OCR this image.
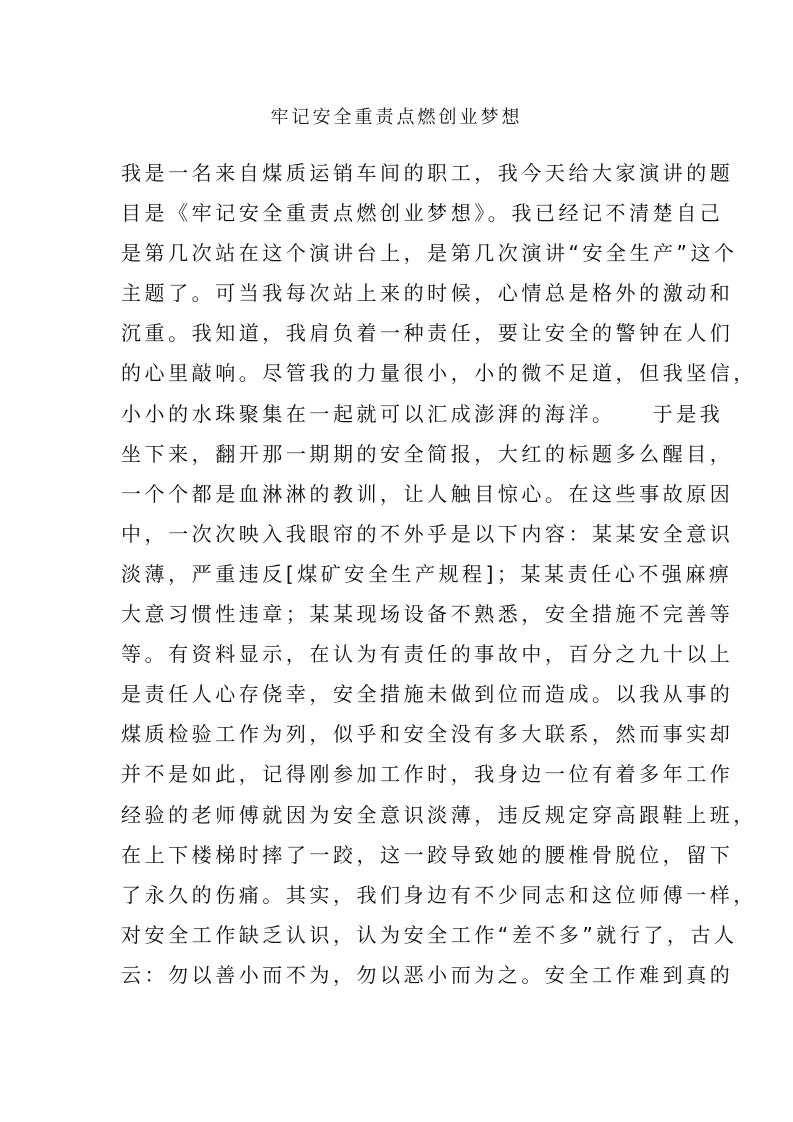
牢记安全重责点燃创业梦想
我是一名来自煤质运销车间的职工，我今天给大家演讲的题
目是《牢记安全重责点燃创业梦想》。我已经记不清楚自己
是第几次站在这个演讲台上，是第几次演讲“安全生产”这个
主题了。可当我每次站上来的时候，心情总是格外的激动和
沉重。我知道，我肩负着一种责任，要让安全的警钟在人们
的心里敲响。尽管我的力量很小，小的微不足道，但我坚信，
小小的水珠聚集在一起就可以汇成澎湃的海洋。　　于是我
坐下来，翻开那一期期的安全简报，大红的标题多么醒目，
一个个都是血淋淋的教训，让人触目惊心。在这些事故原因
中，一次次映入我眼帘的不外乎是以下内容：某某安全意识
淡薄，严重违反[煤矿安全生产规程]；某某责任心不强麻痹
大意习惯性违章；某某现场设备不熟悉，安全措施不完善等
等。有资料显示，在认为有责任的事故中，百分之九十以上
是责任人心存侥幸，安全措施未做到位而造成。以我从事的
煤质检验工作为列，似乎和安全没有多大联系，然而事实却
并不是如此，记得刚参加工作时，我身边一位有着多年工作
经验的老师傅就因为安全意识淡薄，违反规定穿高跟鞋上班，
在上下楼梯时摔了一跤，这一跤导致她的腰椎骨脱位，留下
了永久的伤痛。其实，我们身边有不少同志和这位师傅一样，
对安全工作缺乏认识，认为安全工作“差不多”就行了，古人
云：勿以善小而不为，勿以恶小而为之。安全工作难到真的
